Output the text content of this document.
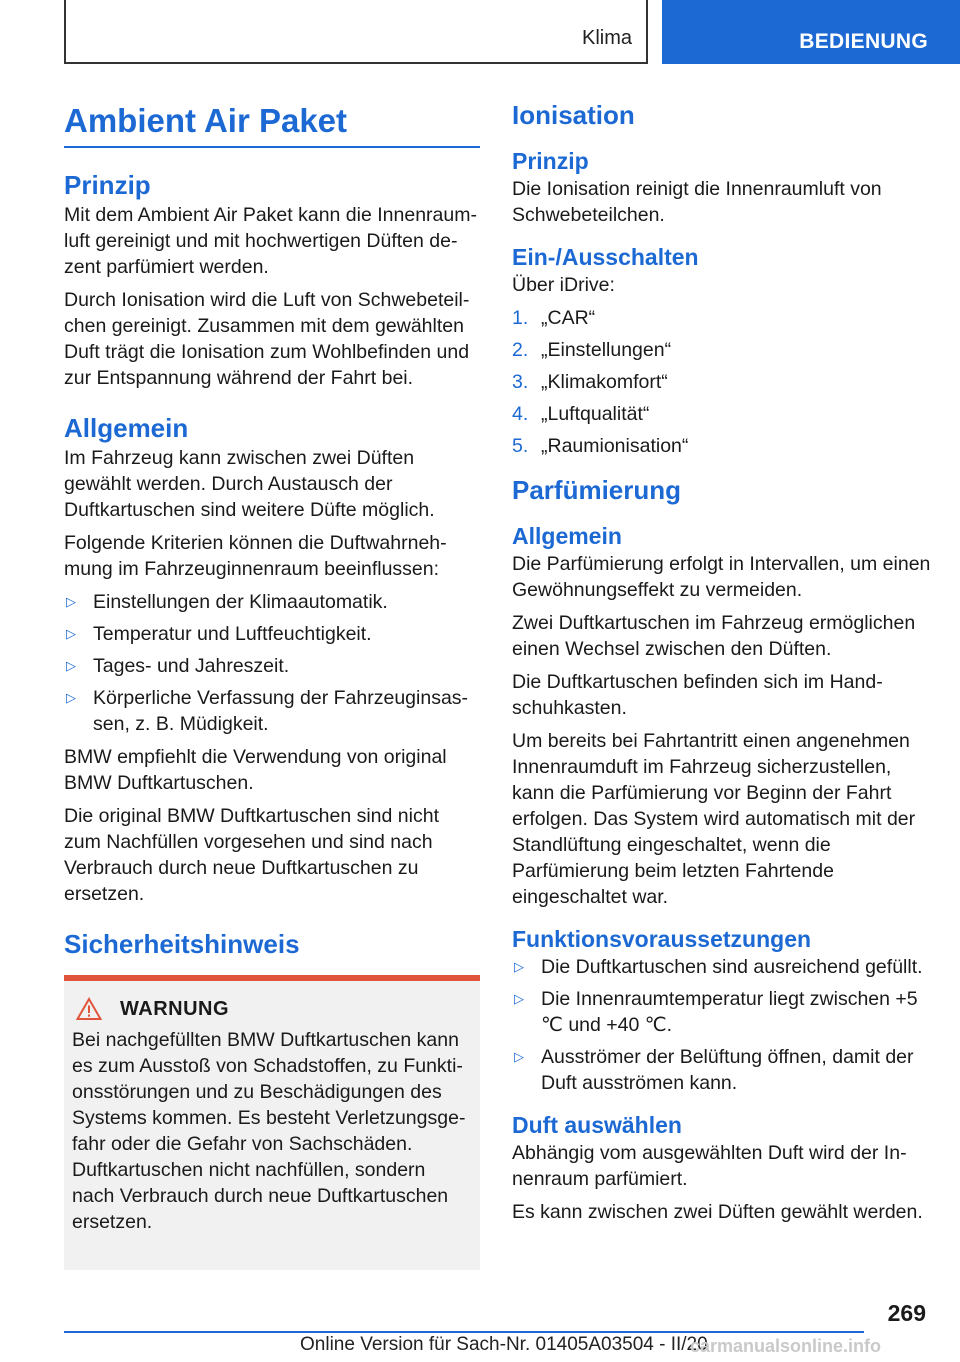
Klima	BEDIENUNG
Ambient Air Paket
Prinzip

Mit dem Ambient Air Paket kann die Innenraumluft gereinigt und mit hochwertigen Düften dezent parfümiert werden.

Durch Ionisation wird die Luft von Schwebeteilchen gereinigt. Zusammen mit dem gewählten Duft trägt die Ionisation zum Wohlbefinden und zur Entspannung während der Fahrt bei.

Allgemein

Im Fahrzeug kann zwischen zwei Düften gewählt werden. Durch Austausch der Duftkartuschen sind weitere Düfte möglich.

Folgende Kriterien können die Duftwahrnehmung im Fahrzeuginnenraum beeinflussen:

▷ Einstellungen der Klimaautomatik.
▷ Temperatur und Luftfeuchtigkeit.
▷ Tages- und Jahreszeit.
▷ Körperliche Verfassung der Fahrzeuginsassen, z. B. Müdigkeit.

BMW empfiehlt die Verwendung von original BMW Duftkartuschen.

Die original BMW Duftkartuschen sind nicht zum Nachfüllen vorgesehen und sind nach Verbrauch durch neue Duftkartuschen zu ersetzen.

Sicherheitshinweis
WARNUNG

Bei nachgefüllten BMW Duftkartuschen kann es zum Ausstoß von Schadstoffen, zu Funktionsstörungen und zu Beschädigungen des Systems kommen. Es besteht Verletzungsgefahr oder die Gefahr von Sachschäden. Duftkartuschen nicht nachfüllen, sondern nach Verbrauch durch neue Duftkartuschen ersetzen.

Ionisation
Prinzip

Die Ionisation reinigt die Innenraumluft von Schwebeteilchen.

Ein-/Ausschalten

Über iDrive:

1. „CAR“
2. „Einstellungen“
3. „Klimakomfort“
4. „Luftqualität“
5. „Raumionisation“
Parfümierung
Allgemein

Die Parfümierung erfolgt in Intervallen, um einen Gewöhnungseffekt zu vermeiden.

Zwei Duftkartuschen im Fahrzeug ermöglichen einen Wechsel zwischen den Düften.

Die Duftkartuschen befinden sich im Handschuhkasten.

Um bereits bei Fahrtantritt einen angenehmen Innenraumduft im Fahrzeug sicherzustellen, kann die Parfümierung vor Beginn der Fahrt erfolgen. Das System wird automatisch mit der Standlüftung eingeschaltet, wenn die Parfümierung beim letzten Fahrtende eingeschaltet war.

Funktionsvoraussetzungen
▷ Die Duftkartuschen sind ausreichend gefüllt.
▷ Die Innenraumtemperatur liegt zwischen +5 ℃ und +40 ℃.
▷ Ausströmer der Belüftung öffnen, damit der Duft ausströmen kann.
Duft auswählen

Abhängig vom ausgewählten Duft wird der Innenraum parfümiert.

Es kann zwischen zwei Düften gewählt werden.

269
Online Version für Sach-Nr. 01405A03504 - II/20
carmanualsonline.info
